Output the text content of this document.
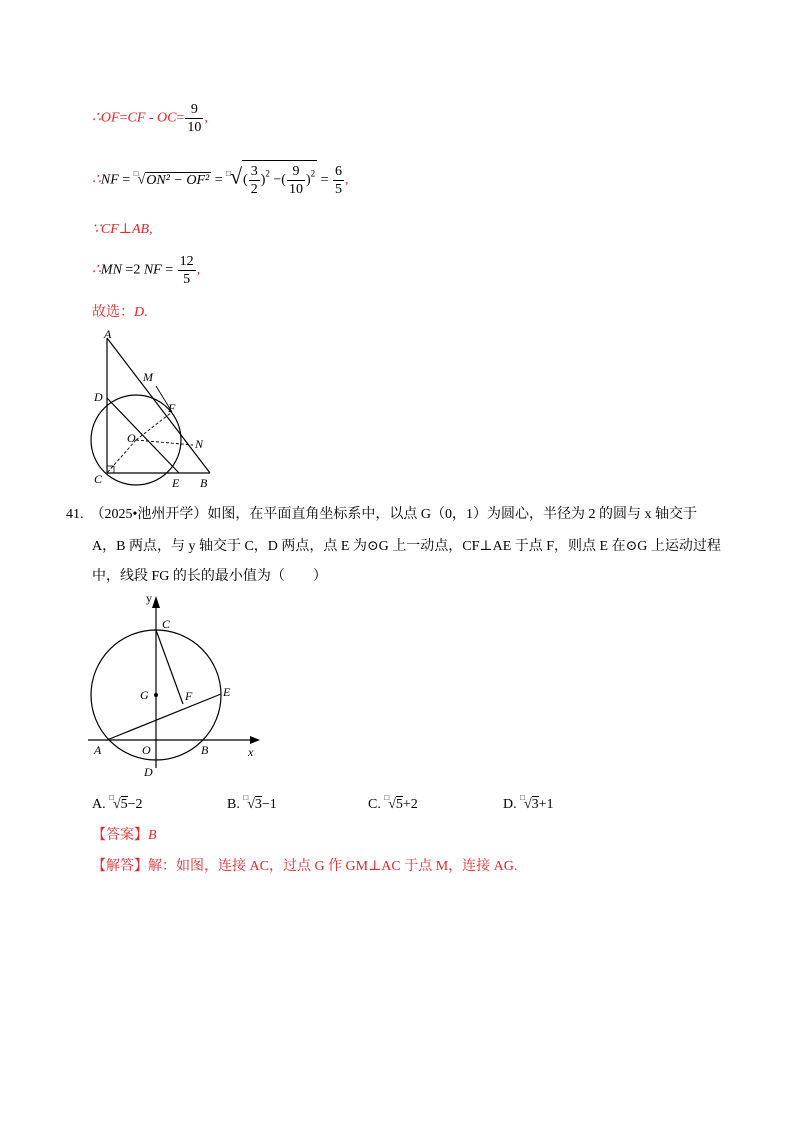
∴OF=CF - $OC= \frac{9}{10}$ ,
∴NF = $^□√ON^2 - OF^2 = ^□√( \frac{3}{2} )^2$ −( $\frac{9}{10} )^2 = \frac{6}{5}$ ,
∵CF⊥AB,
∴MN =2 NF = $\frac{12}{5}$ ,
故选：D.
A
M
D
F
O	N
C	E B
41. （2025•池州开学）如图，在平面直角坐标系中，以点 G（0，1）为圆心，半径为 2 的圆与 x 轴交于
A，B 两点，与 y 轴交于 C，D 两点，点 E 为⊙G 上一动点，CF⊥AE 于点 F，则点 E 在⊙G 上运动过程
中，线段 FG 的长的最小值为（　　）
y
C
G	F	E
A	O	B	x
D
A. □√5−2	B. □√3−1	C. □√5+2	D. □√3+1
【答案】B
【解答】解：如图，连接 AC，过点 G 作 GM⊥AC 于点 M，连接 AG.
